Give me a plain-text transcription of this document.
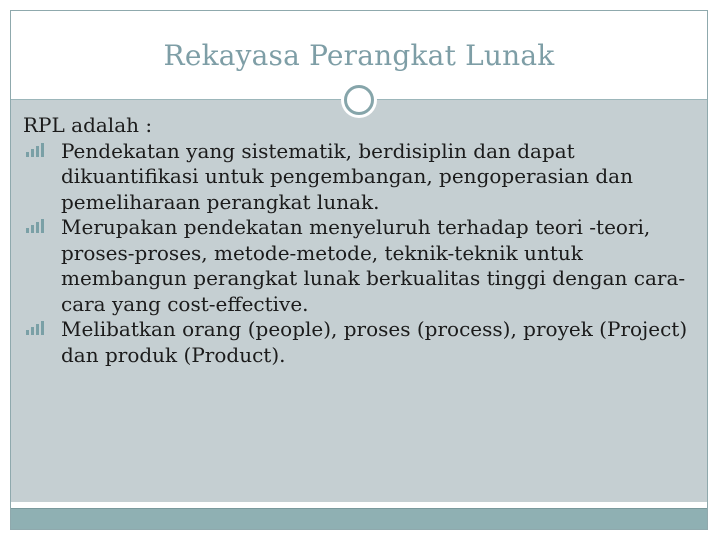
Rekayasa Perangkat Lunak

RPL adalah :

Pendekatan yang sistematik, berdisiplin dan dapat dikuantifikasi untuk pengembangan, pengoperasian dan pemeliharaan perangkat lunak.
Merupakan pendekatan menyeluruh terhadap teori -teori, proses-proses, metode-metode, teknik-teknik untuk membangun perangkat lunak berkualitas tinggi dengan cara-cara yang cost-effective.
Melibatkan orang (people), proses (process), proyek (Project) dan produk (Product).
